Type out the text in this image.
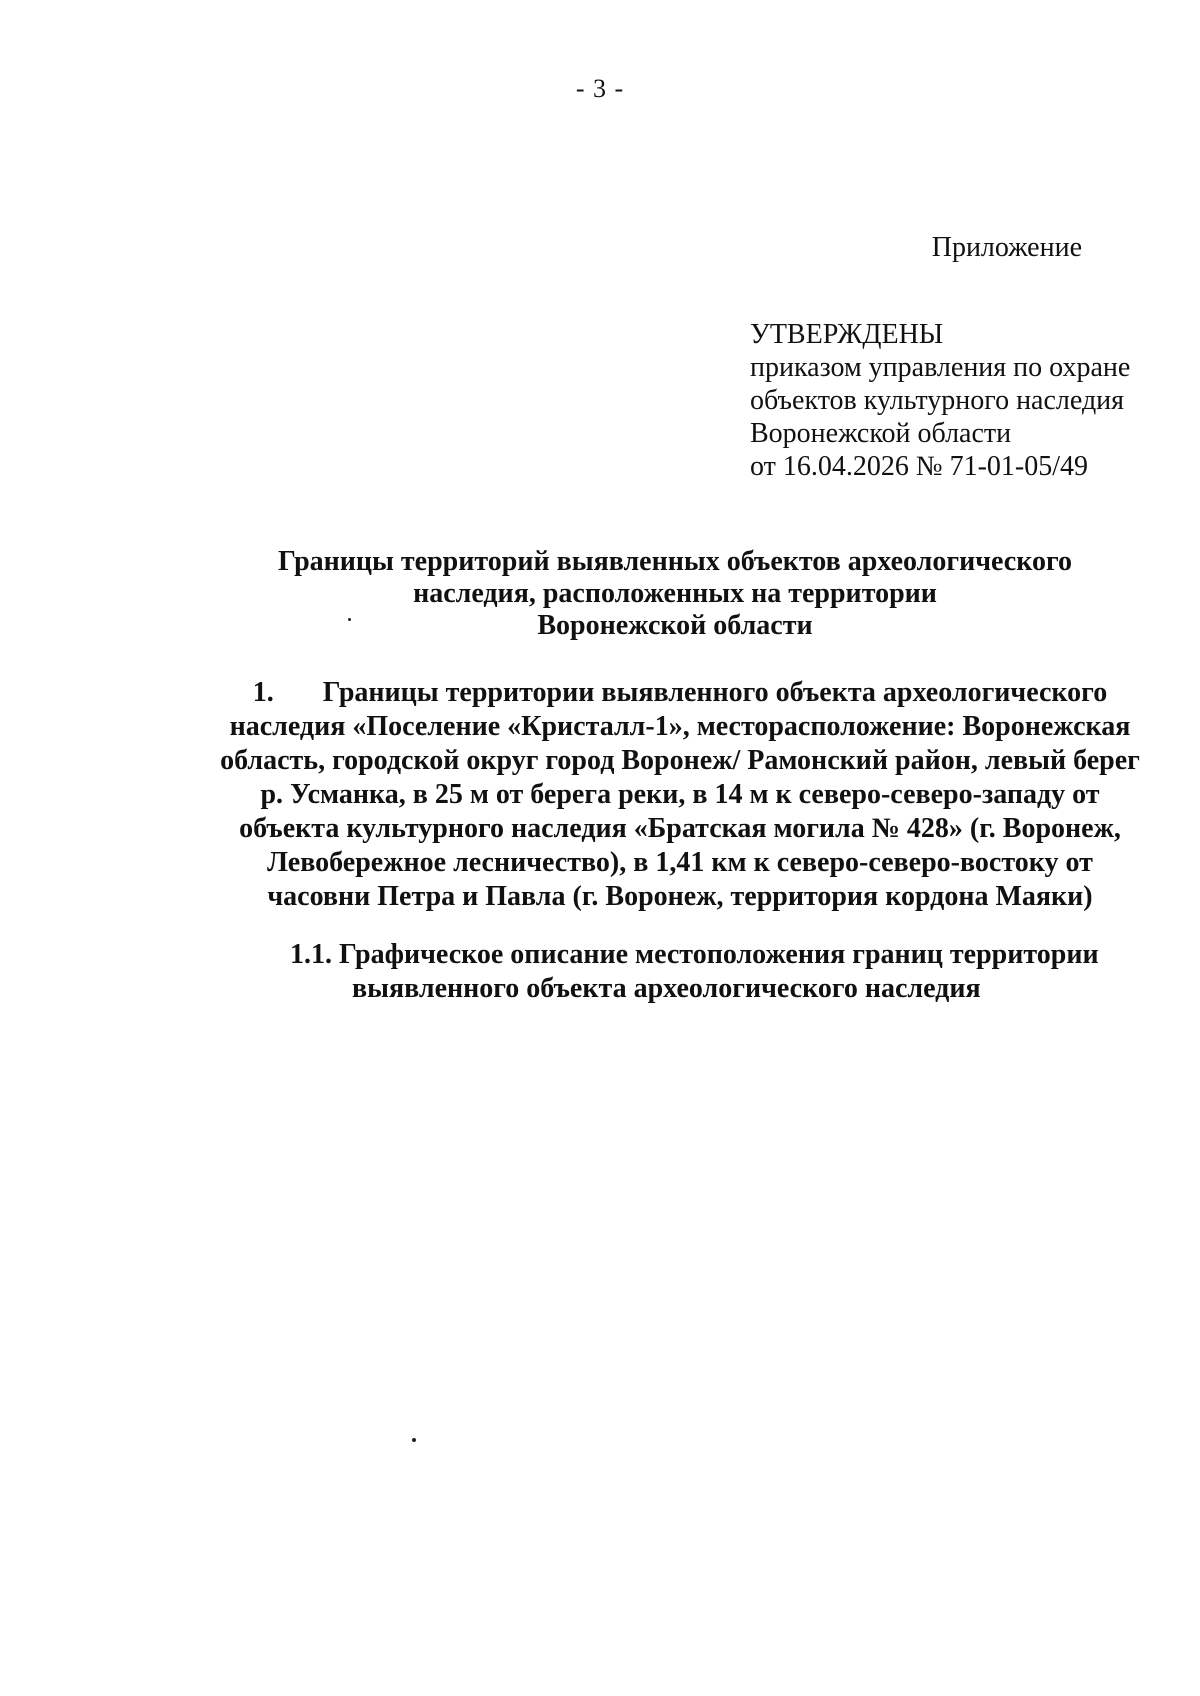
- 3 -
Приложение
УТВЕРЖДЕНЫ
приказом управления по охране
объектов культурного наследия
Воронежской области
от 16.04.2026 № 71-01-05/49
Границы территорий выявленных объектов археологического
наследия, расположенных на территории
Воронежской области
1. Границы территории выявленного объекта археологического
наследия «Поселение «Кристалл-1», месторасположение: Воронежская
область, городской округ город Воронеж/ Рамонский район, левый берег
р. Усманка, в 25 м от берега реки, в 14 м к северо-северо-западу от
объекта культурного наследия «Братская могила № 428» (г. Воронеж,
Левобережное лесничество), в 1,41 км к северо-северо-востоку от
часовни Петра и Павла (г. Воронеж, территория кордона Маяки)
1.1. Графическое описание местоположения границ территории
выявленного объекта археологического наследия
